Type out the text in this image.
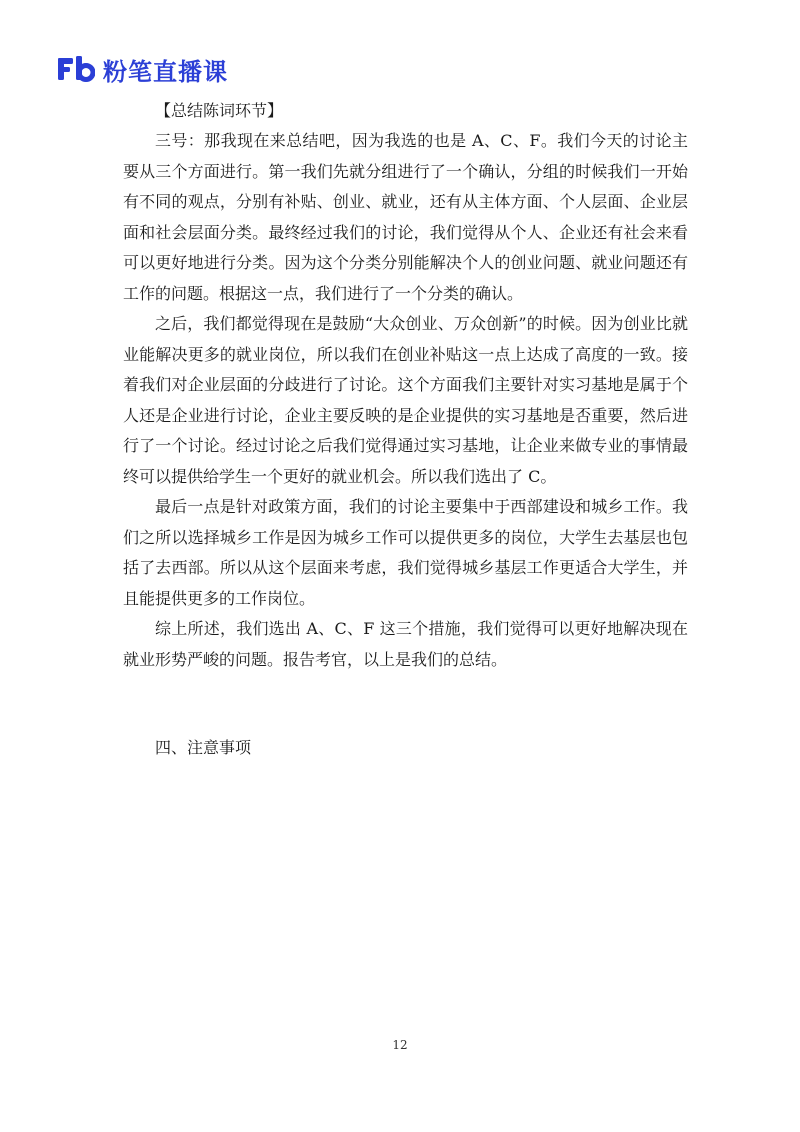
粉笔直播课
【总结陈词环节】

三号：那我现在来总结吧，因为我选的也是 A、C、F。我们今天的讨论主要从三个方面进行。第一我们先就分组进行了一个确认，分组的时候我们一开始有不同的观点，分别有补贴、创业、就业，还有从主体方面、个人层面、企业层面和社会层面分类。最终经过我们的讨论，我们觉得从个人、企业还有社会来看可以更好地进行分类。因为这个分类分别能解决个人的创业问题、就业问题还有工作的问题。根据这一点，我们进行了一个分类的确认。

之后，我们都觉得现在是鼓励“大众创业、万众创新”的时候。因为创业比就业能解决更多的就业岗位，所以我们在创业补贴这一点上达成了高度的一致。接着我们对企业层面的分歧进行了讨论。这个方面我们主要针对实习基地是属于个人还是企业进行讨论，企业主要反映的是企业提供的实习基地是否重要，然后进行了一个讨论。经过讨论之后我们觉得通过实习基地，让企业来做专业的事情最终可以提供给学生一个更好的就业机会。所以我们选出了 C。

最后一点是针对政策方面，我们的讨论主要集中于西部建设和城乡工作。我们之所以选择城乡工作是因为城乡工作可以提供更多的岗位，大学生去基层也包括了去西部。所以从这个层面来考虑，我们觉得城乡基层工作更适合大学生，并且能提供更多的工作岗位。

综上所述，我们选出 A、C、F 这三个措施，我们觉得可以更好地解决现在就业形势严峻的问题。报告考官，以上是我们的总结。

四、注意事项
12
